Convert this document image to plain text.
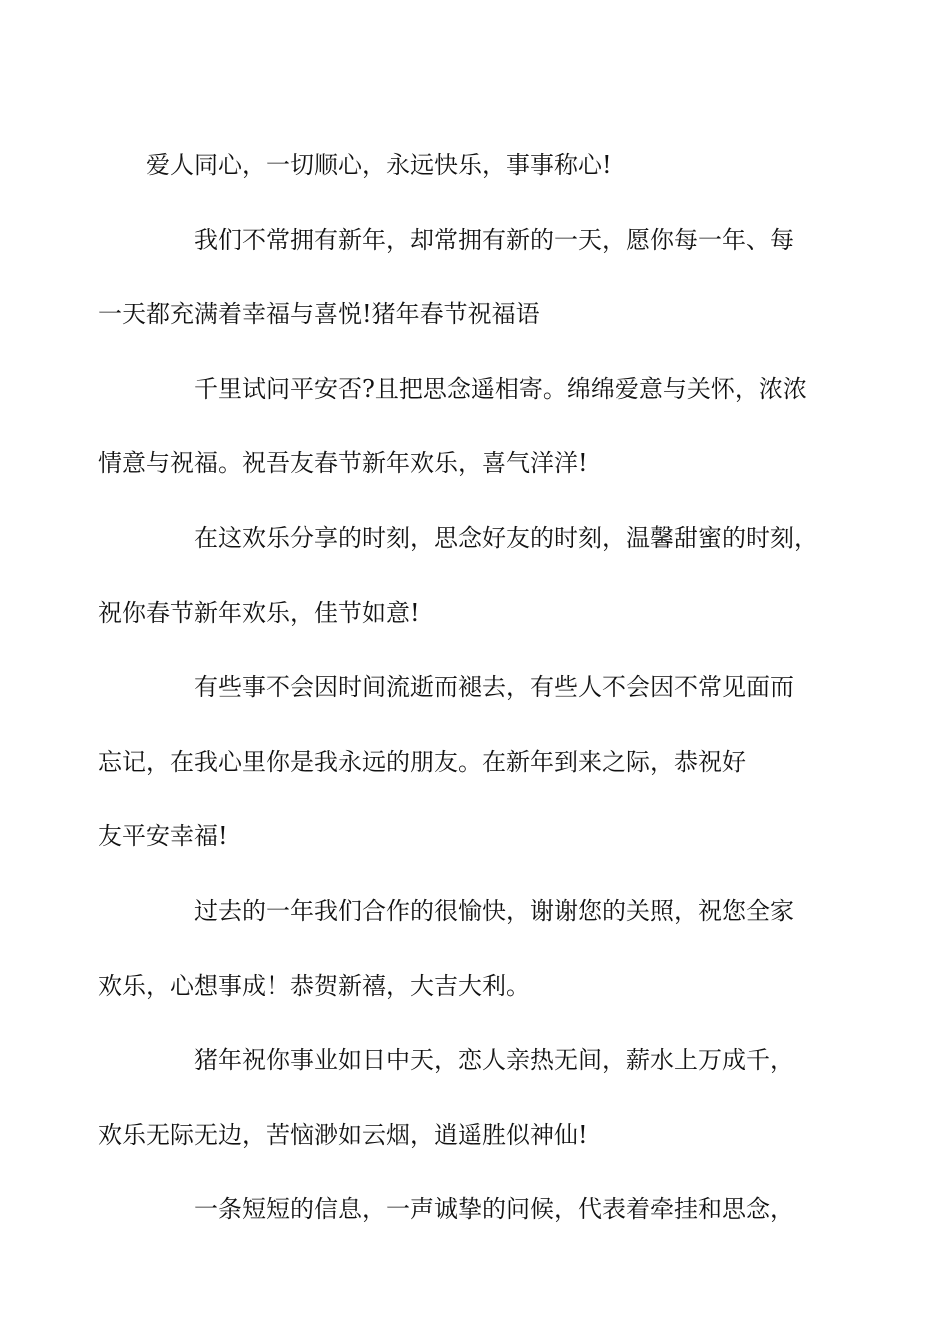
爱人同心，一切顺心，永远快乐，事事称心!

我们不常拥有新年，却常拥有新的一天，愿你每一年、每
一天都充满着幸福与喜悦!猪年春节祝福语

千里试问平安否?且把思念遥相寄。绵绵爱意与关怀，浓浓
情意与祝福。祝吾友春节新年欢乐，喜气洋洋!

在这欢乐分享的时刻，思念好友的时刻，温馨甜蜜的时刻，
祝你春节新年欢乐，佳节如意!

有些事不会因时间流逝而褪去，有些人不会因不常见面而
忘记，在我心里你是我永远的朋友。在新年到来之际，恭祝好
友平安幸福!

过去的一年我们合作的很愉快，谢谢您的关照，祝您全家
欢乐，心想事成！恭贺新禧，大吉大利。

猪年祝你事业如日中天，恋人亲热无间，薪水上万成千，
欢乐无际无边，苦恼渺如云烟，逍遥胜似神仙!

一条短短的信息，一声诚挚的问候，代表着牵挂和思念，
